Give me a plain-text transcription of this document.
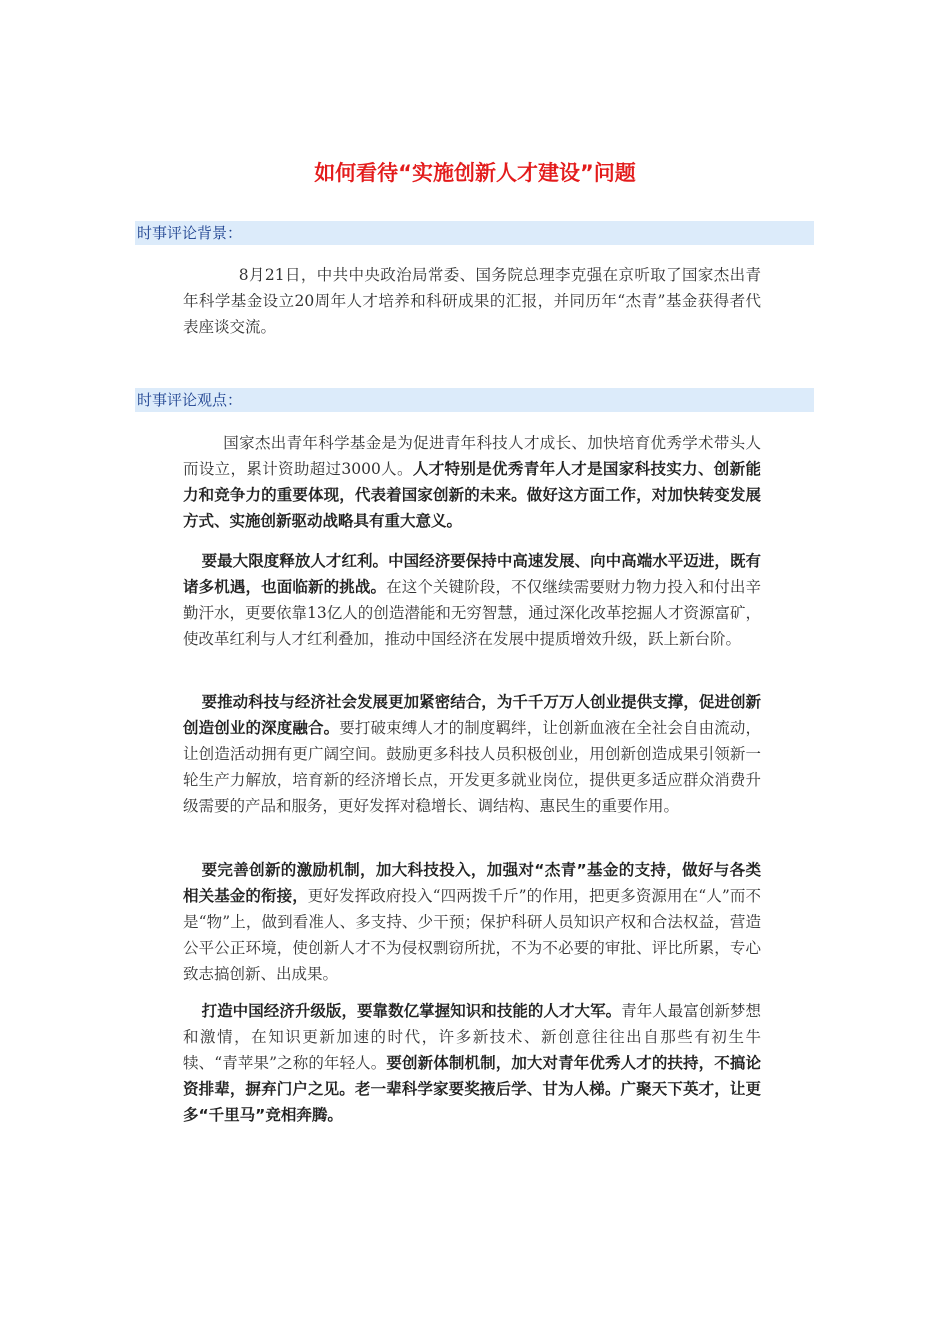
如何看待“实施创新人才建设”问题
时事评论背景：
8月21日，中共中央政治局常委、国务院总理李克强在京听取了国家杰出青年科学基金设立20周年人才培养和科研成果的汇报，并同历年“杰青”基金获得者代表座谈交流。
时事评论观点：
国家杰出青年科学基金是为促进青年科技人才成长、加快培育优秀学术带头人而设立，累计资助超过3000人。人才特别是优秀青年人才是国家科技实力、创新能力和竞争力的重要体现，代表着国家创新的未来。做好这方面工作，对加快转变发展方式、实施创新驱动战略具有重大意义。
要最大限度释放人才红利。中国经济要保持中高速发展、向中高端水平迈进，既有诸多机遇，也面临新的挑战。在这个关键阶段，不仅继续需要财力物力投入和付出辛勤汗水，更要依靠13亿人的创造潜能和无穷智慧，通过深化改革挖掘人才资源富矿，使改革红利与人才红利叠加，推动中国经济在发展中提质增效升级，跃上新台阶。
要推动科技与经济社会发展更加紧密结合，为千千万万人创业提供支撑，促进创新创造创业的深度融合。要打破束缚人才的制度羁绊，让创新血液在全社会自由流动，让创造活动拥有更广阔空间。鼓励更多科技人员积极创业，用创新创造成果引领新一轮生产力解放，培育新的经济增长点，开发更多就业岗位，提供更多适应群众消费升级需要的产品和服务，更好发挥对稳增长、调结构、惠民生的重要作用。
要完善创新的激励机制，加大科技投入，加强对“杰青”基金的支持，做好与各类相关基金的衔接，更好发挥政府投入“四两拨千斤”的作用，把更多资源用在“人”而不是“物”上，做到看准人、多支持、少干预；保护科研人员知识产权和合法权益，营造公平公正环境，使创新人才不为侵权剽窃所扰，不为不必要的审批、评比所累，专心致志搞创新、出成果。
打造中国经济升级版，要靠数亿掌握知识和技能的人才大军。青年人最富创新梦想和激情，在知识更新加速的时代，许多新技术、新创意往往出自那些有初生牛犊、“青苹果”之称的年轻人。要创新体制机制，加大对青年优秀人才的扶持，不搞论资排辈，摒弃门户之见。老一辈科学家要奖掖后学、甘为人梯。广聚天下英才，让更多“千里马”竞相奔腾。
